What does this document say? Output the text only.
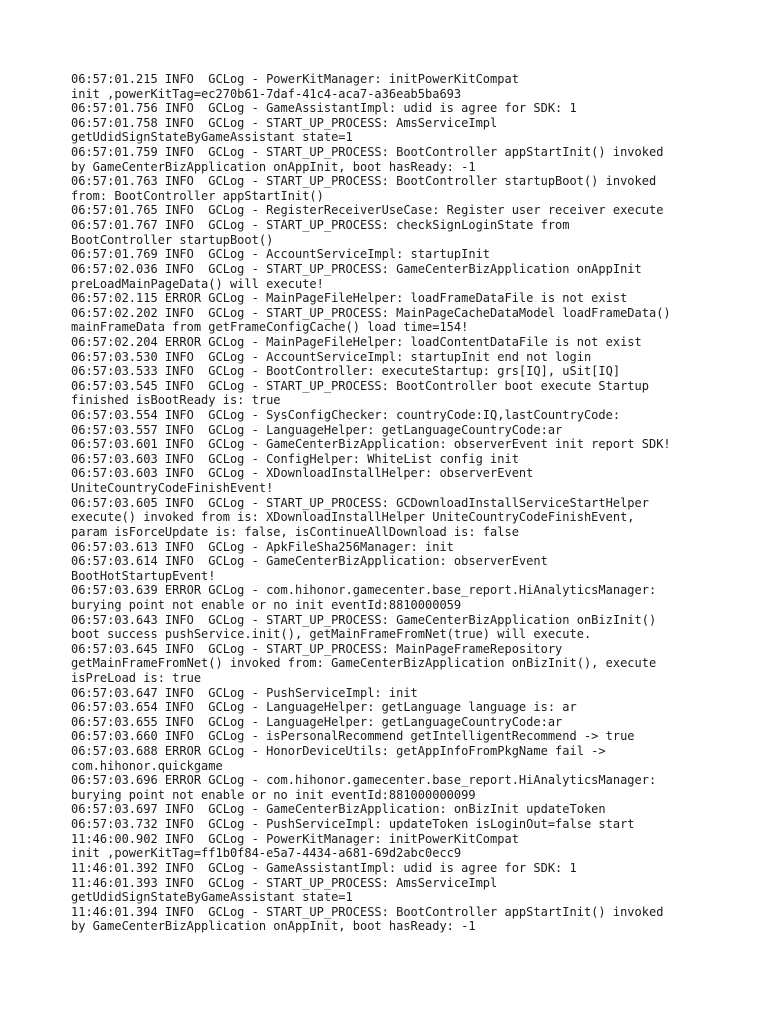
06:57:01.215 INFO  GCLog - PowerKitManager: initPowerKitCompat
init ,powerKitTag=ec270b61-7daf-41c4-aca7-a36eab5ba693
06:57:01.756 INFO  GCLog - GameAssistantImpl: udid is agree for SDK: 1
06:57:01.758 INFO  GCLog - START_UP_PROCESS: AmsServiceImpl
getUdidSignStateByGameAssistant state=1
06:57:01.759 INFO  GCLog - START_UP_PROCESS: BootController appStartInit() invoked
by GameCenterBizApplication onAppInit, boot hasReady: -1
06:57:01.763 INFO  GCLog - START_UP_PROCESS: BootController startupBoot() invoked
from: BootController appStartInit()
06:57:01.765 INFO  GCLog - RegisterReceiverUseCase: Register user receiver execute
06:57:01.767 INFO  GCLog - START_UP_PROCESS: checkSignLoginState from
BootController startupBoot()
06:57:01.769 INFO  GCLog - AccountServiceImpl: startupInit
06:57:02.036 INFO  GCLog - START_UP_PROCESS: GameCenterBizApplication onAppInit
preLoadMainPageData() will execute!
06:57:02.115 ERROR GCLog - MainPageFileHelper: loadFrameDataFile is not exist
06:57:02.202 INFO  GCLog - START_UP_PROCESS: MainPageCacheDataModel loadFrameData()
mainFrameData from getFrameConfigCache() load time=154!
06:57:02.204 ERROR GCLog - MainPageFileHelper: loadContentDataFile is not exist
06:57:03.530 INFO  GCLog - AccountServiceImpl: startupInit end not login
06:57:03.533 INFO  GCLog - BootController: executeStartup: grs[IQ], uSit[IQ]
06:57:03.545 INFO  GCLog - START_UP_PROCESS: BootController boot execute Startup
finished isBootReady is: true
06:57:03.554 INFO  GCLog - SysConfigChecker: countryCode:IQ,lastCountryCode:
06:57:03.557 INFO  GCLog - LanguageHelper: getLanguageCountryCode:ar
06:57:03.601 INFO  GCLog - GameCenterBizApplication: observerEvent init report SDK!
06:57:03.603 INFO  GCLog - ConfigHelper: WhiteList config init
06:57:03.603 INFO  GCLog - XDownloadInstallHelper: observerEvent
UniteCountryCodeFinishEvent!
06:57:03.605 INFO  GCLog - START_UP_PROCESS: GCDownloadInstallServiceStartHelper
execute() invoked from is: XDownloadInstallHelper UniteCountryCodeFinishEvent,
param isForceUpdate is: false, isContinueAllDownload is: false
06:57:03.613 INFO  GCLog - ApkFileSha256Manager: init
06:57:03.614 INFO  GCLog - GameCenterBizApplication: observerEvent
BootHotStartupEvent!
06:57:03.639 ERROR GCLog - com.hihonor.gamecenter.base_report.HiAnalyticsManager:
burying point not enable or no init eventId:8810000059
06:57:03.643 INFO  GCLog - START_UP_PROCESS: GameCenterBizApplication onBizInit()
boot success pushService.init(), getMainFrameFromNet(true) will execute.
06:57:03.645 INFO  GCLog - START_UP_PROCESS: MainPageFrameRepository
getMainFrameFromNet() invoked from: GameCenterBizApplication onBizInit(), execute
isPreLoad is: true
06:57:03.647 INFO  GCLog - PushServiceImpl: init
06:57:03.654 INFO  GCLog - LanguageHelper: getLanguage language is: ar
06:57:03.655 INFO  GCLog - LanguageHelper: getLanguageCountryCode:ar
06:57:03.660 INFO  GCLog - isPersonalRecommend getIntelligentRecommend -> true
06:57:03.688 ERROR GCLog - HonorDeviceUtils: getAppInfoFromPkgName fail ->
com.hihonor.quickgame
06:57:03.696 ERROR GCLog - com.hihonor.gamecenter.base_report.HiAnalyticsManager:
burying point not enable or no init eventId:881000000099
06:57:03.697 INFO  GCLog - GameCenterBizApplication: onBizInit updateToken
06:57:03.732 INFO  GCLog - PushServiceImpl: updateToken isLoginOut=false start
11:46:00.902 INFO  GCLog - PowerKitManager: initPowerKitCompat
init ,powerKitTag=ff1b0f84-e5a7-4434-a681-69d2abc0ecc9
11:46:01.392 INFO  GCLog - GameAssistantImpl: udid is agree for SDK: 1
11:46:01.393 INFO  GCLog - START_UP_PROCESS: AmsServiceImpl
getUdidSignStateByGameAssistant state=1
11:46:01.394 INFO  GCLog - START_UP_PROCESS: BootController appStartInit() invoked
by GameCenterBizApplication onAppInit, boot hasReady: -1
